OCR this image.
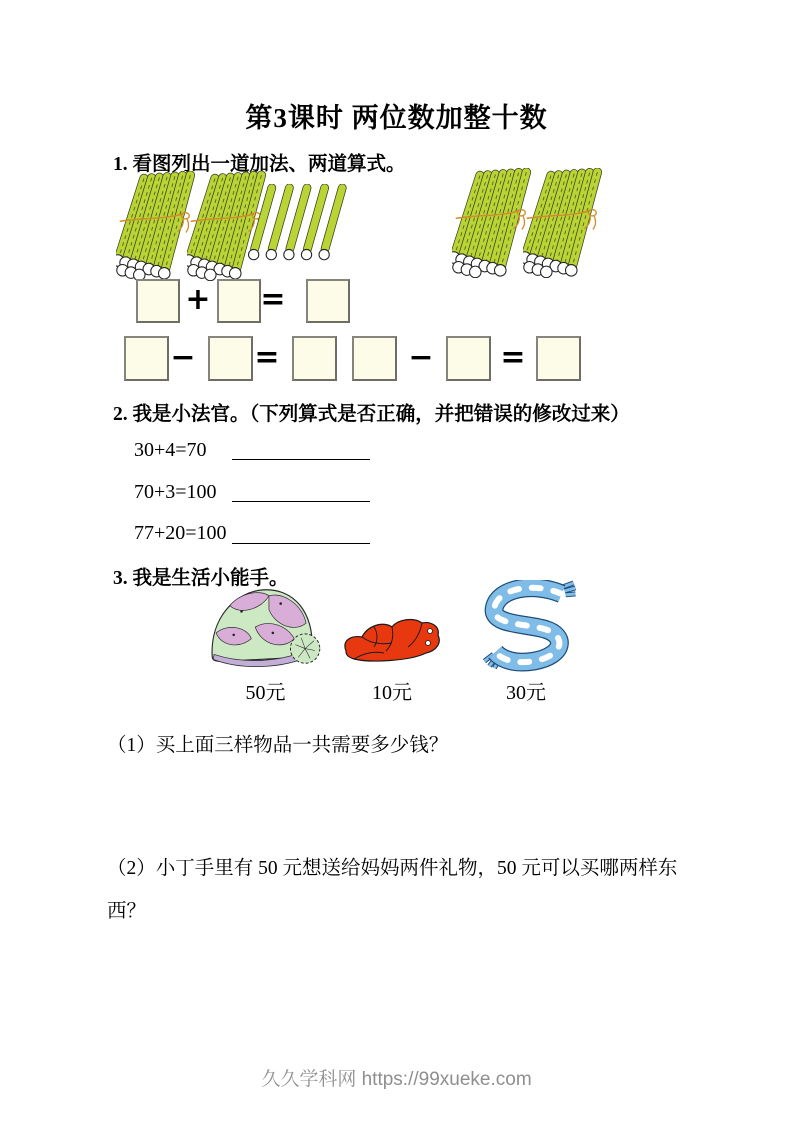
第3课时 两位数加整十数
1. 看图列出一道加法、两道算式。
+ =
− =	− =
2. 我是小法官。（下列算式是否正确，并把错误的修改过来）
30+4=70
70+3=100
77+20=100
3. 我是生活小能手。
50元	10元	30元
（1）买上面三样物品一共需要多少钱？
（2）小丁手里有 50 元想送给妈妈两件礼物，50 元可以买哪两样东西？
久久学科网 https://99xueke.com
